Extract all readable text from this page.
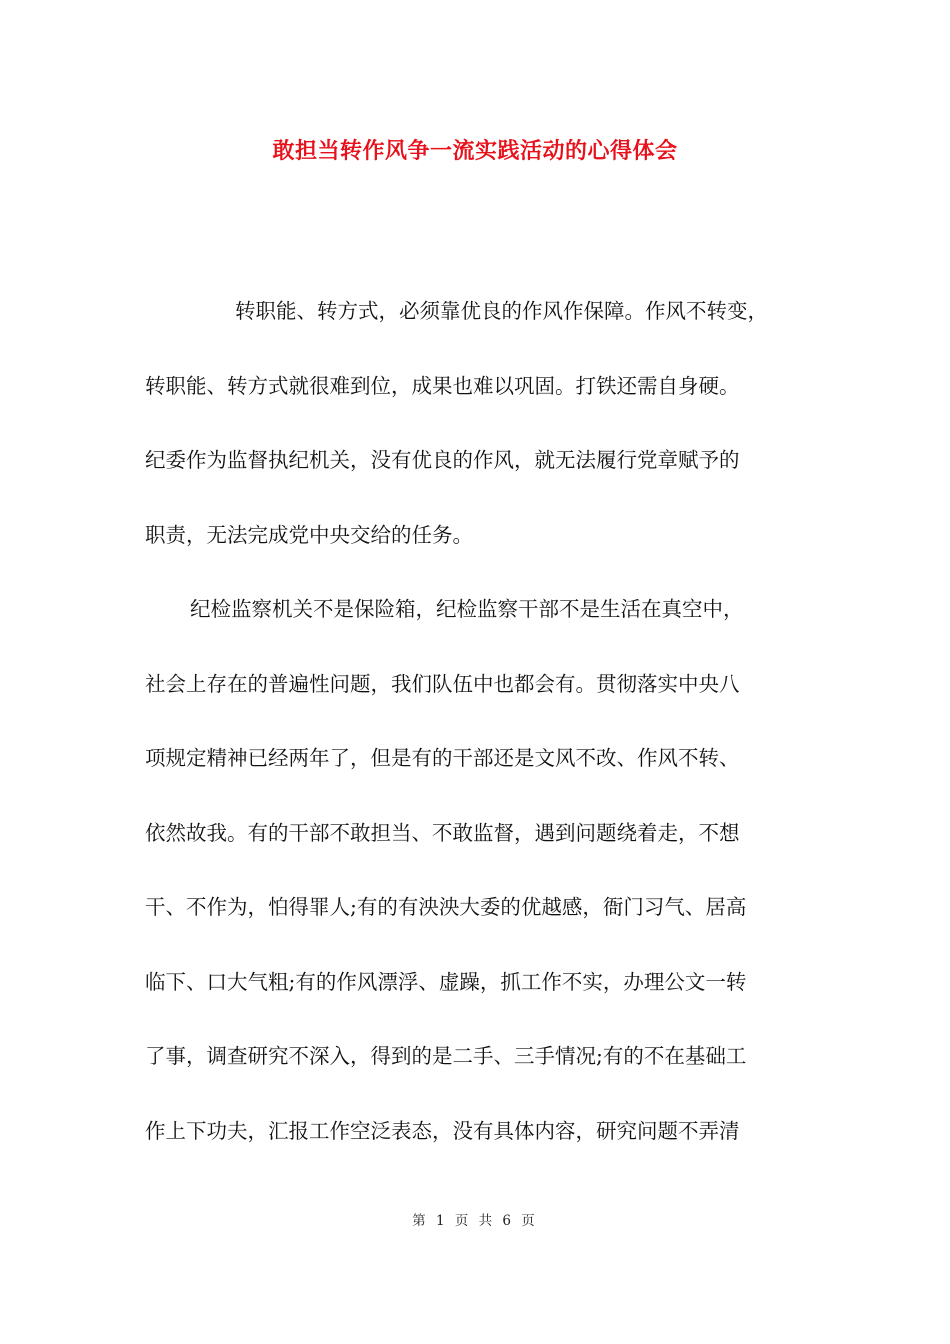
敢担当转作风争一流实践活动的心得体会

转职能、转方式，必须靠优良的作风作保障。作风不转变，
转职能、转方式就很难到位，成果也难以巩固。打铁还需自身硬。
纪委作为监督执纪机关，没有优良的作风，就无法履行党章赋予的
职责，无法完成党中央交给的任务。

纪检监察机关不是保险箱，纪检监察干部不是生活在真空中，
社会上存在的普遍性问题，我们队伍中也都会有。贯彻落实中央八
项规定精神已经两年了，但是有的干部还是文风不改、作风不转、
依然故我。有的干部不敢担当、不敢监督，遇到问题绕着走，不想
干、不作为，怕得罪人;有的有泱泱大委的优越感，衙门习气、居高
临下、口大气粗;有的作风漂浮、虚躁，抓工作不实，办理公文一转
了事，调查研究不深入，得到的是二手、三手情况;有的不在基础工
作上下功夫，汇报工作空泛表态，没有具体内容，研究问题不弄清

第 1 页 共 6 页
